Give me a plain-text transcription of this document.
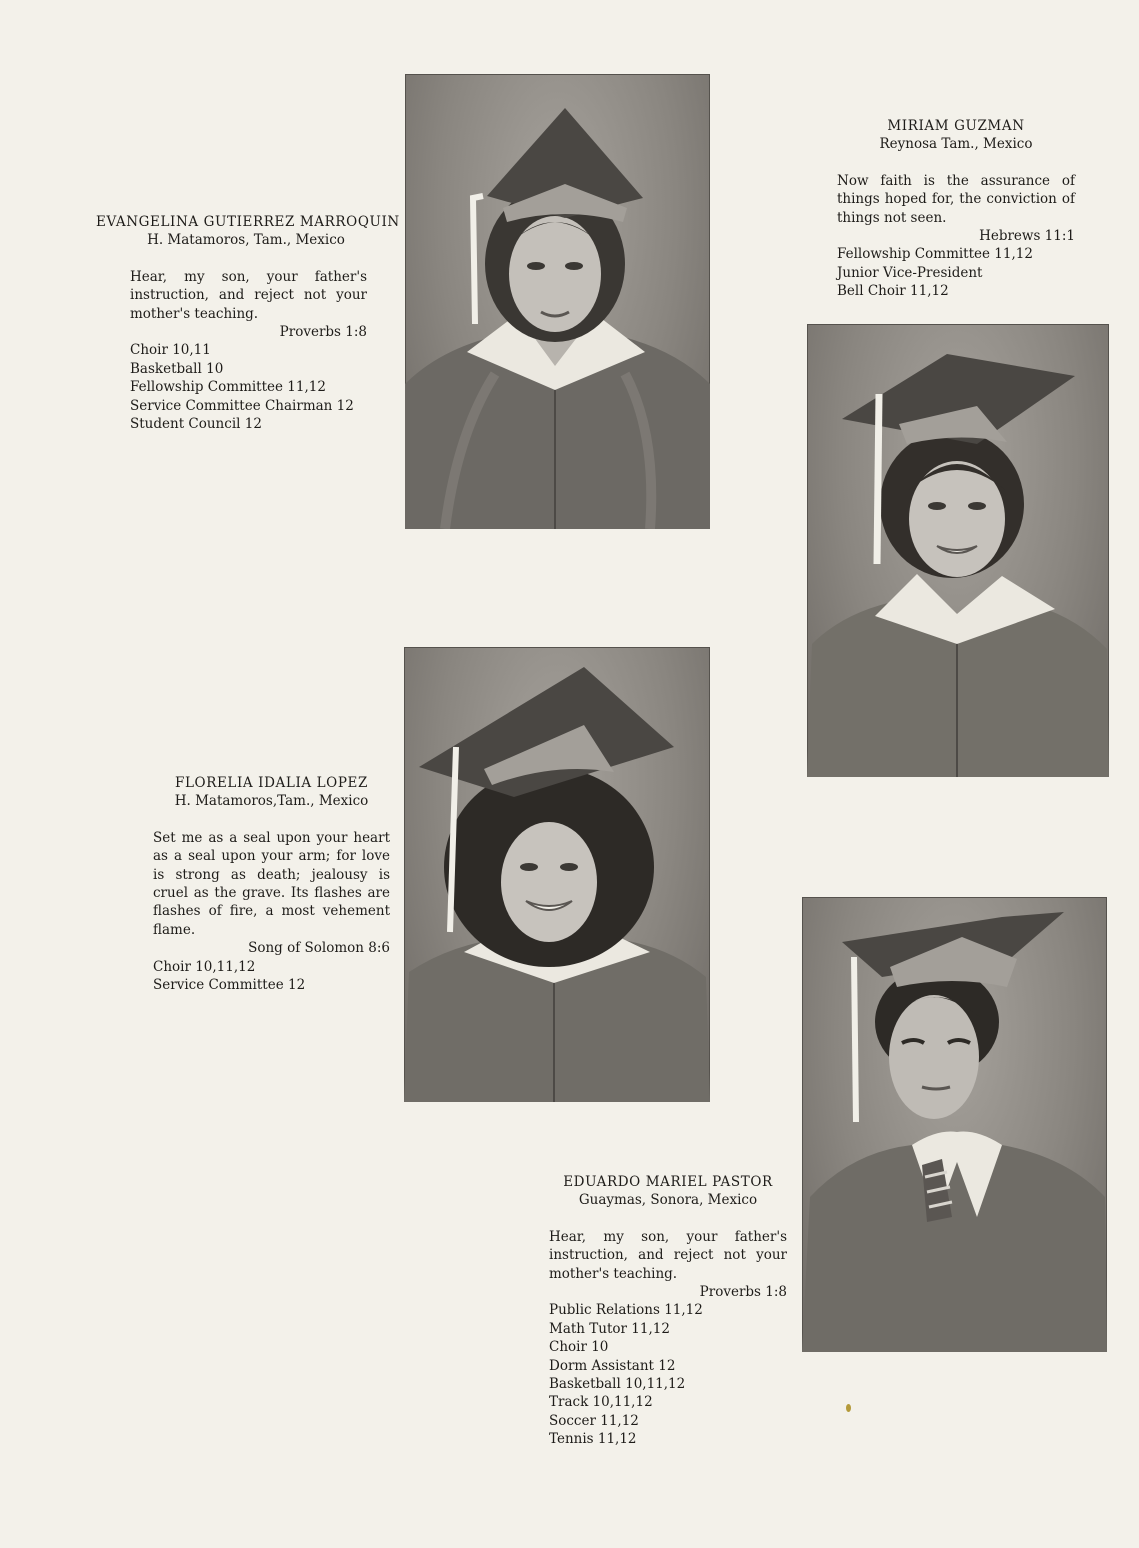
EVANGELINA GUTIERREZ MARROQUIN
H. Matamoros, Tam., Mexico
Hear, my son, your father's instruction, and reject not your mother's teaching.
Proverbs 1:8
Choir 10,11
Basketball 10
Fellowship Committee 11,12
Service Committee Chairman 12
Student Council 12
MIRIAM GUZMAN
Reynosa Tam., Mexico
Now faith is the assurance of things hoped for, the conviction of things not seen.
Hebrews 11:1
Fellowship Committee 11,12
Junior Vice-President
Bell Choir 11,12
FLORELIA IDALIA LOPEZ
H. Matamoros,Tam., Mexico
Set me as a seal upon your heart as a seal upon your arm; for love is strong as death; jealousy is cruel as the grave. Its flashes are flashes of fire, a most vehement flame.
Song of Solomon 8:6
Choir 10,11,12
Service Committee 12
EDUARDO MARIEL PASTOR
Guaymas, Sonora, Mexico
Hear, my son, your father's instruction, and reject not your mother's teaching.
Proverbs 1:8
Public Relations 11,12
Math Tutor 11,12
Choir 10
Dorm Assistant 12
Basketball 10,11,12
Track 10,11,12
Soccer 11,12
Tennis 11,12
